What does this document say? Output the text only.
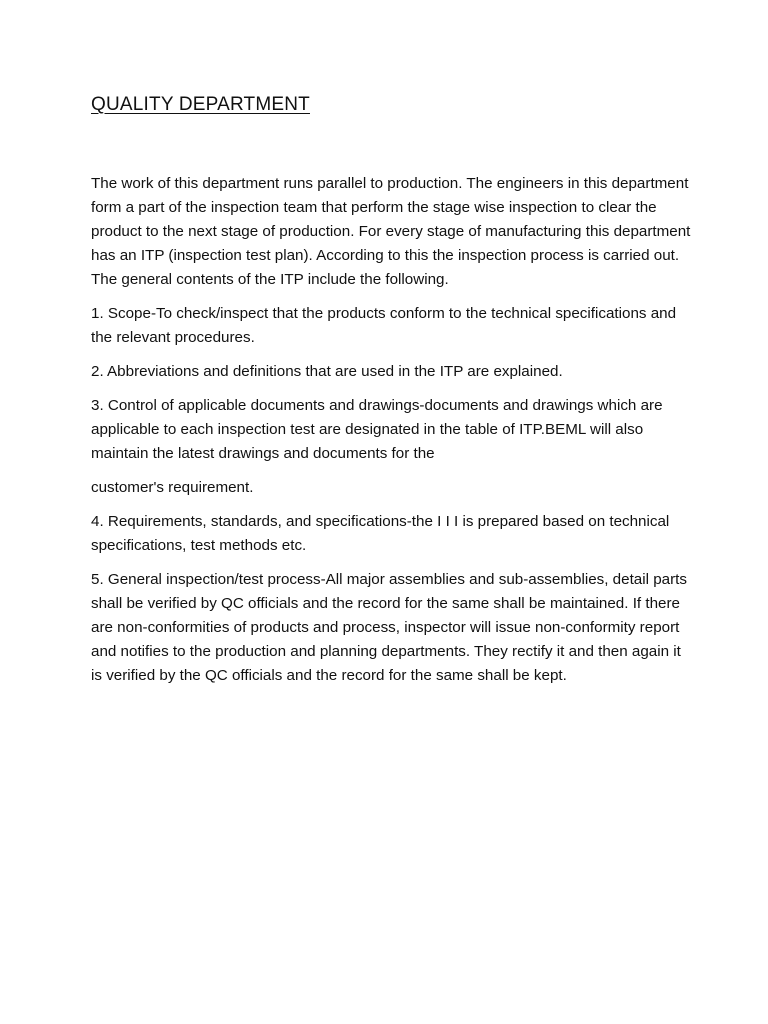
QUALITY DEPARTMENT

The work of this department runs parallel to production. The engineers in this department form a part of the inspection team that perform the stage wise inspection to clear the product to the next stage of production. For every stage of manufacturing this department has an ITP (inspection test plan). According to this the inspection process is carried out. The general contents of the ITP include the following.

1. Scope-To check/inspect that the products conform to the technical specifications and the relevant procedures.

2. Abbreviations and definitions that are used in the ITP are explained.

3. Control of applicable documents and drawings-documents and drawings which are applicable to each inspection test are designated in the table of ITP.BEML will also maintain the latest drawings and documents for the

customer's requirement.

4. Requirements, standards, and specifications-the I I I is prepared based on technical specifications, test methods etc.

5. General inspection/test process-All major assemblies and sub-assemblies, detail parts shall be verified by QC officials and the record for the same shall be maintained. If there are non-conformities of products and process, inspector will issue non-conformity report and notifies to the production and planning departments. They rectify it and then again it is verified by the QC officials and the record for the same shall be kept.
